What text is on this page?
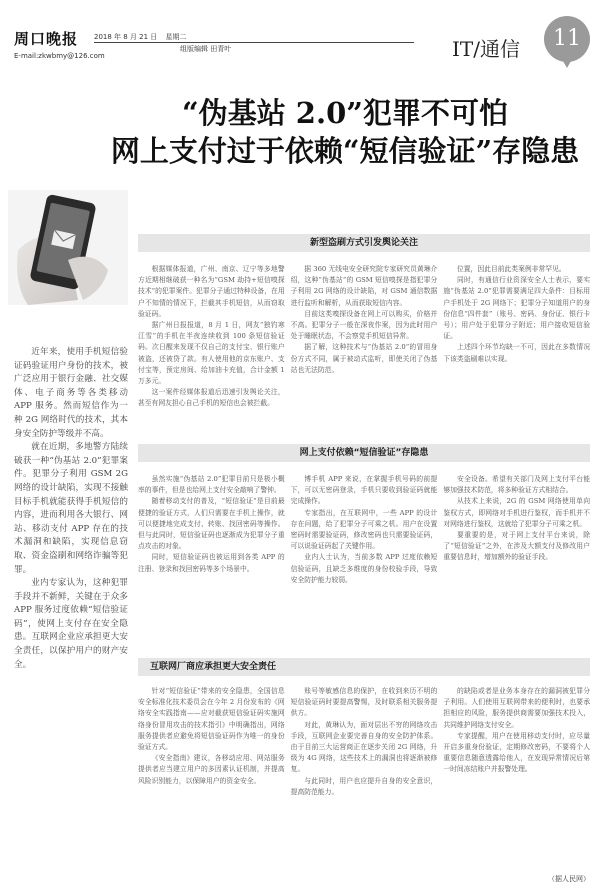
周口晚报 2018 年 8 月 21 日 星期二
组版编辑 田青叶
E-mail:zkwbmy@126.com	IT/通信	11
“伪基站 2.0”犯罪不可怕
网上支付过于依赖“短信验证”存隐患

近年来，使用手机短信验证码验证用户身份的技术，被广泛应用于银行金融、社交媒体、电子商务等各类移动 APP 服务。然而短信作为一种 2G 网络时代的技术，其本身安全防护等级并不高。

就在近期，多地警方陆续破获一种“伪基站 2.0”犯罪案件。犯罪分子利用 GSM 2G 网络的设计缺陷，实现不接触目标手机就能获得手机短信的内容，进而利用各大银行、网站、移动支付 APP 存在的技术漏洞和缺陷，实现信息窃取、资金盗刷和网络诈骗等犯罪。

业内专家认为，这种犯罪手段并不新鲜，关键在于众多 APP 服务过度依赖“短信验证码”，使网上支付存在安全隐患。互联网企业应承担更大安全责任，以保护用户的财产安全。

新型盗刷方式引发舆论关注

根据媒体报道，广州、南京、辽宁等多地警方近期相继破获一种名为“GSM 劫持+短信嗅探技术”的犯罪案件。犯罪分子通过特种设备，在用户不知情的情况下，拦截其手机短信，从而窃取验证码。

据广州日报报道，8 月 1 日，网友“独钓寒江雪”的手机在半夜连续收到 100 条短信验证码。次日醒来发现不仅自己的支付宝、银行账户被盗，还被贷了款。有人使用他的京东账户、支付宝等，预定房间、给加油卡充值，合计金额 1 万多元。

这一案件经媒体报道后迅速引发舆论关注，甚至有网友担心自己手机的短信也会被拦截。

据 360 无线电安全研究院专家研究员黄琳介绍，这种“伪基站”的 GSM 短信嗅探是指犯罪分子利用 2G 网络的设计缺陷，对 GSM 通信数据进行监听和解析，从而获取短信内容。

目前这类嗅探设备在网上可以购买，价格并不高。犯罪分子一般在深夜作案，因为此时用户处于睡眠状态，不会察觉手机短信异常。

据了解，这种技术与“伪基站 2.0”的冒用身份方式不同，属于被动式监听，即使关闭了伪基站也无法防范。

位置，因此目前此类案例非常罕见。

同时，有通信行业资深安全人士表示，要实施“伪基站 2.0”犯罪需要满足四大条件：目标用户手机处于 2G 网络下；犯罪分子知道用户的身份信息“四件套”（账号、密码、身份证、银行卡号）；用户处于犯罪分子附近；用户接收短信验证。

上述四个环节均缺一不可，因此在多数情况下该类盗刷难以实现。

网上支付依赖“短信验证”存隐患

虽然实施“伪基站 2.0”犯罪目前只是极小概率的事件，但是也给网上支付安全敲响了警钟。

随着移动支付的普及，“短信验证”是目前最便捷的验证方式，人们只需要在手机上操作，就可以便捷地完成支付、转账、找回密码等操作。但与此同时，短信验证码也逐渐成为犯罪分子重点攻击的对象。

同时，短信验证码也被运用到各类 APP 的注册、登录和找回密码等多个场景中。

博手机 APP 来说，在掌握手机号码的前提下，可以无密码登录，手机只要收到验证码就能完成操作。

专家指出，在互联网中，一些 APP 的设计存在问题，给了犯罪分子可乘之机。用户在设置密码时需要验证码，修改密码也只需要验证码，可以说验证码起了关键作用。

业内人士认为，当前多数 APP 过度依赖短信验证码，且缺乏多维度的身份校验手段，导致安全防护能力较弱。

安全设备。希望有关部门及网上支付平台能够加强技术防范，将多种验证方式相结合。

从技术上来说，2G 的 GSM 网络使用单向鉴权方式，即网络对手机进行鉴权，而手机并不对网络进行鉴权，这就给了犯罪分子可乘之机。

要重要的是，对于网上支付平台来说，除了“短信验证”之外，在涉及大额支付及修改用户重要信息时，增加额外的验证手段。

互联网厂商应承担更大安全责任

针对“短信验证”带来的安全隐患，全国信息安全标准化技术委员会在今年 2 月份发布的《网络安全实践指南——应对截获短信验证码实施网络身份冒用攻击的技术指引》中明确指出，网络服务提供者应避免将短信验证码作为唯一的身份验证方式。

《安全指南》建议，各移动应用、网站服务提供者应当建立用户的多因素认证机制，并提高风险识别能力，以保障用户的资金安全。

账号等敏感信息的保护，在收到来历不明的短信验证码时要提高警惕，及时联系相关服务提供方。

对此，黄琳认为，面对层出不穷的网络攻击手段，互联网企业要完善自身的安全防护体系。由于目前三大运营商正在逐步关闭 2G 网络，升级为 4G 网络，这些技术上的漏洞也将逐渐被修复。

与此同时，用户也应提升自身的安全意识，提高防范能力。

的缺陷或者是业务本身存在的漏洞被犯罪分子利用。人们使用互联网带来的便利时，也要承担相应的风险，服务提供商需要加强技术投入，共同维护网络支付安全。

专家提醒，用户在使用移动支付时，应尽量开启多重身份验证，定期修改密码，不要将个人重要信息随意透露给他人，在发现异常情况后第一时间冻结账户并报警处理。

（据人民网）
